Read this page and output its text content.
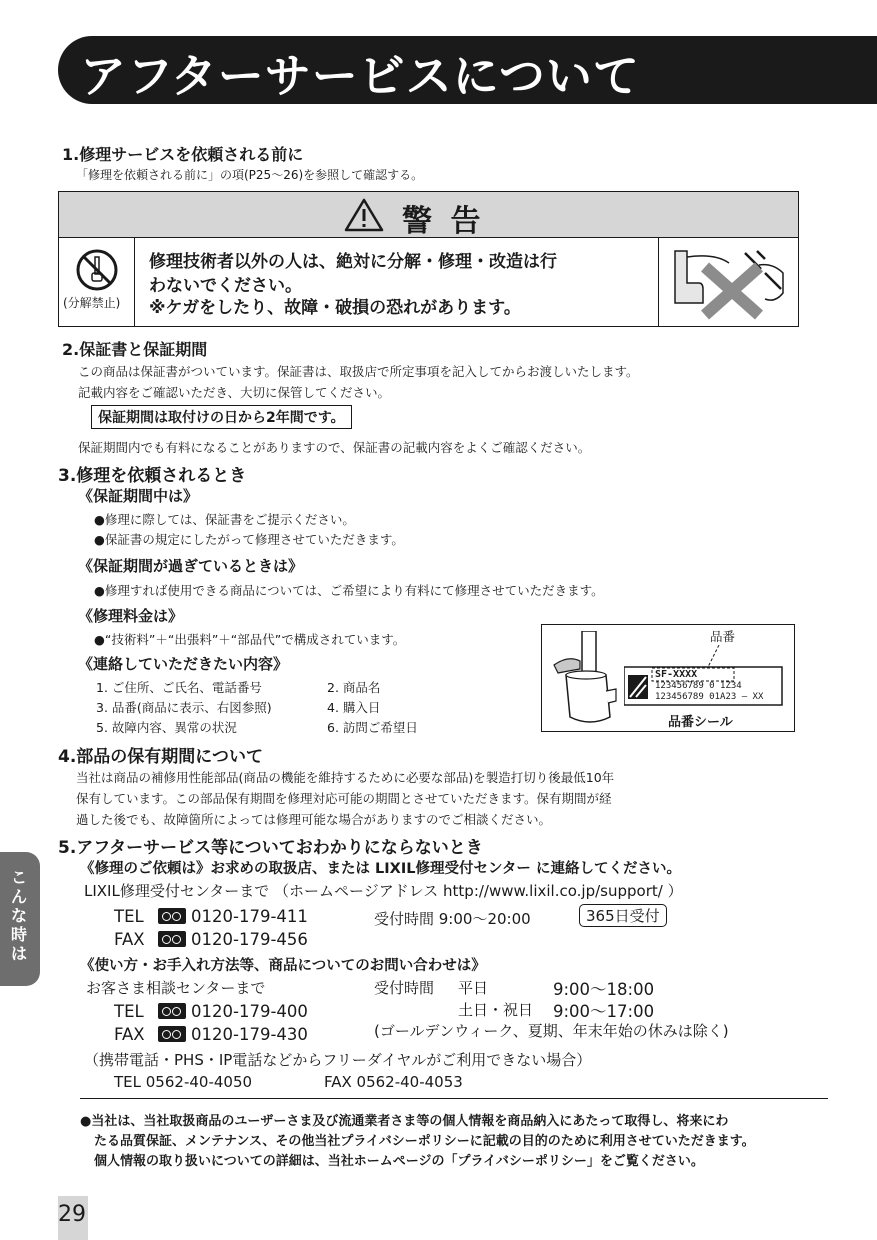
アフターサービスについて
1.修理サービスを依頼される前に
「修理を依頼される前に」の項(P25～26)を参照して確認する。
警 告
(分解禁止)
修理技術者以外の人は、絶対に分解・修理・改造は行
わないでください。
※ケガをしたり、故障・破損の恐れがあります。
2.保証書と保証期間
この商品は保証書がついています。保証書は、取扱店で所定事項を記入してからお渡しいたします。
記載内容をご確認いただき、大切に保管してください。
保証期間は取付けの日から2年間です。
保証期間内でも有料になることがありますので、保証書の記載内容をよくご確認ください。
3.修理を依頼されるとき
《保証期間中は》
●修理に際しては、保証書をご提示ください。
●保証書の規定にしたがって修理させていただきます。
《保証期間が過ぎているときは》
●修理すれば使用できる商品については、ご希望により有料にて修理させていただきます。
《修理料金は》
●“技術料”＋“出張料”＋“部品代”で構成されています。
《連絡していただきたい内容》
1. ご住所、ご氏名、電話番号	2. 商品名
3. 品番(商品に表示、右図参照)	4. 購入日
5. 故障内容、異常の状況	6. 訪問ご希望日
品番
SF-XXXX
123456789 0 1Z34
123456789 01A23 – XX
品番シール
4.部品の保有期間について
当社は商品の補修用性能部品(商品の機能を維持するために必要な部品)を製造打切り後最低10年
保有しています。この部品保有期間を修理対応可能の期間とさせていただきます。保有期間が経
過した後でも、故障箇所によっては修理可能な場合がありますのでご相談ください。
5.アフターサービス等についておわかりにならないとき
《修理のご依頼は》お求めの取扱店、または LIXIL修理受付センター に連絡してください。
LIXIL修理受付センターまで （ホームページアドレス http://www.lixil.co.jp/support/ ）
TEL	0120-179-411	受付時間 9:00～20:00	365日受付
FAX	0120-179-456
《使い方・お手入れ方法等、商品についてのお問い合わせは》
お客さま相談センターまで	受付時間 平日	9:00～18:00
土日・祝日 9:00～17:00
TEL	0120-179-400
FAX	0120-179-430	(ゴールデンウィーク、夏期、年末年始の休みは除く)
（携帯電話・PHS・IP電話などからフリーダイヤルがご利用できない場合）
TEL 0562-40-4050	FAX 0562-40-4053
●当社は、当社取扱商品のユーザーさま及び流通業者さま等の個人情報を商品納入にあたって取得し、将来にわ
たる品質保証、メンテナンス、その他当社プライバシーポリシーに記載の目的のために利用させていただきます。
個人情報の取り扱いについての詳細は、当社ホームページの「プライバシーポリシー」をご覧ください。
こんな時は
29
